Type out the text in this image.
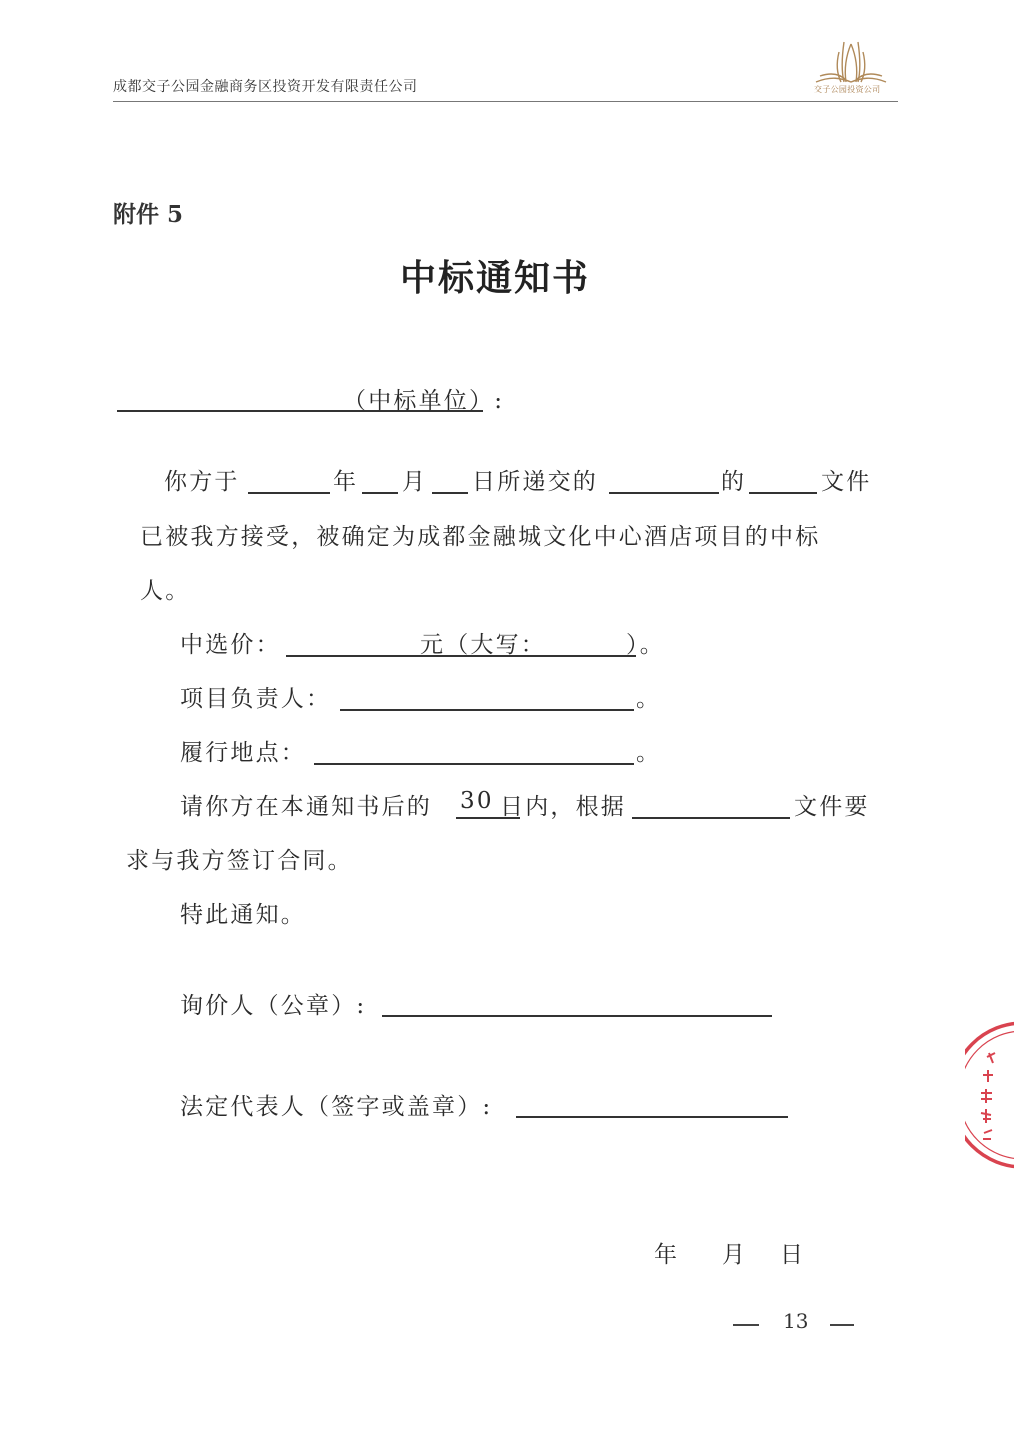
成都交子公园金融商务区投资开发有限责任公司	交子公园投资公司
附件 5
中标通知书
（中标单位）:
你方于	年 月 日所递交的	的	文件
已被我方接受，被确定为成都金融城文化中心酒店项目的中标
人。
中选价：	元（大写：	）。
项目负责人：	。
履行地点：	。
请你方在本通知书后的 30 日内，根据	文件要
求与我方签订合同。
特此通知。
询价人（公章）:
法定代表人（签字或盖章）:
年 月 日
13
